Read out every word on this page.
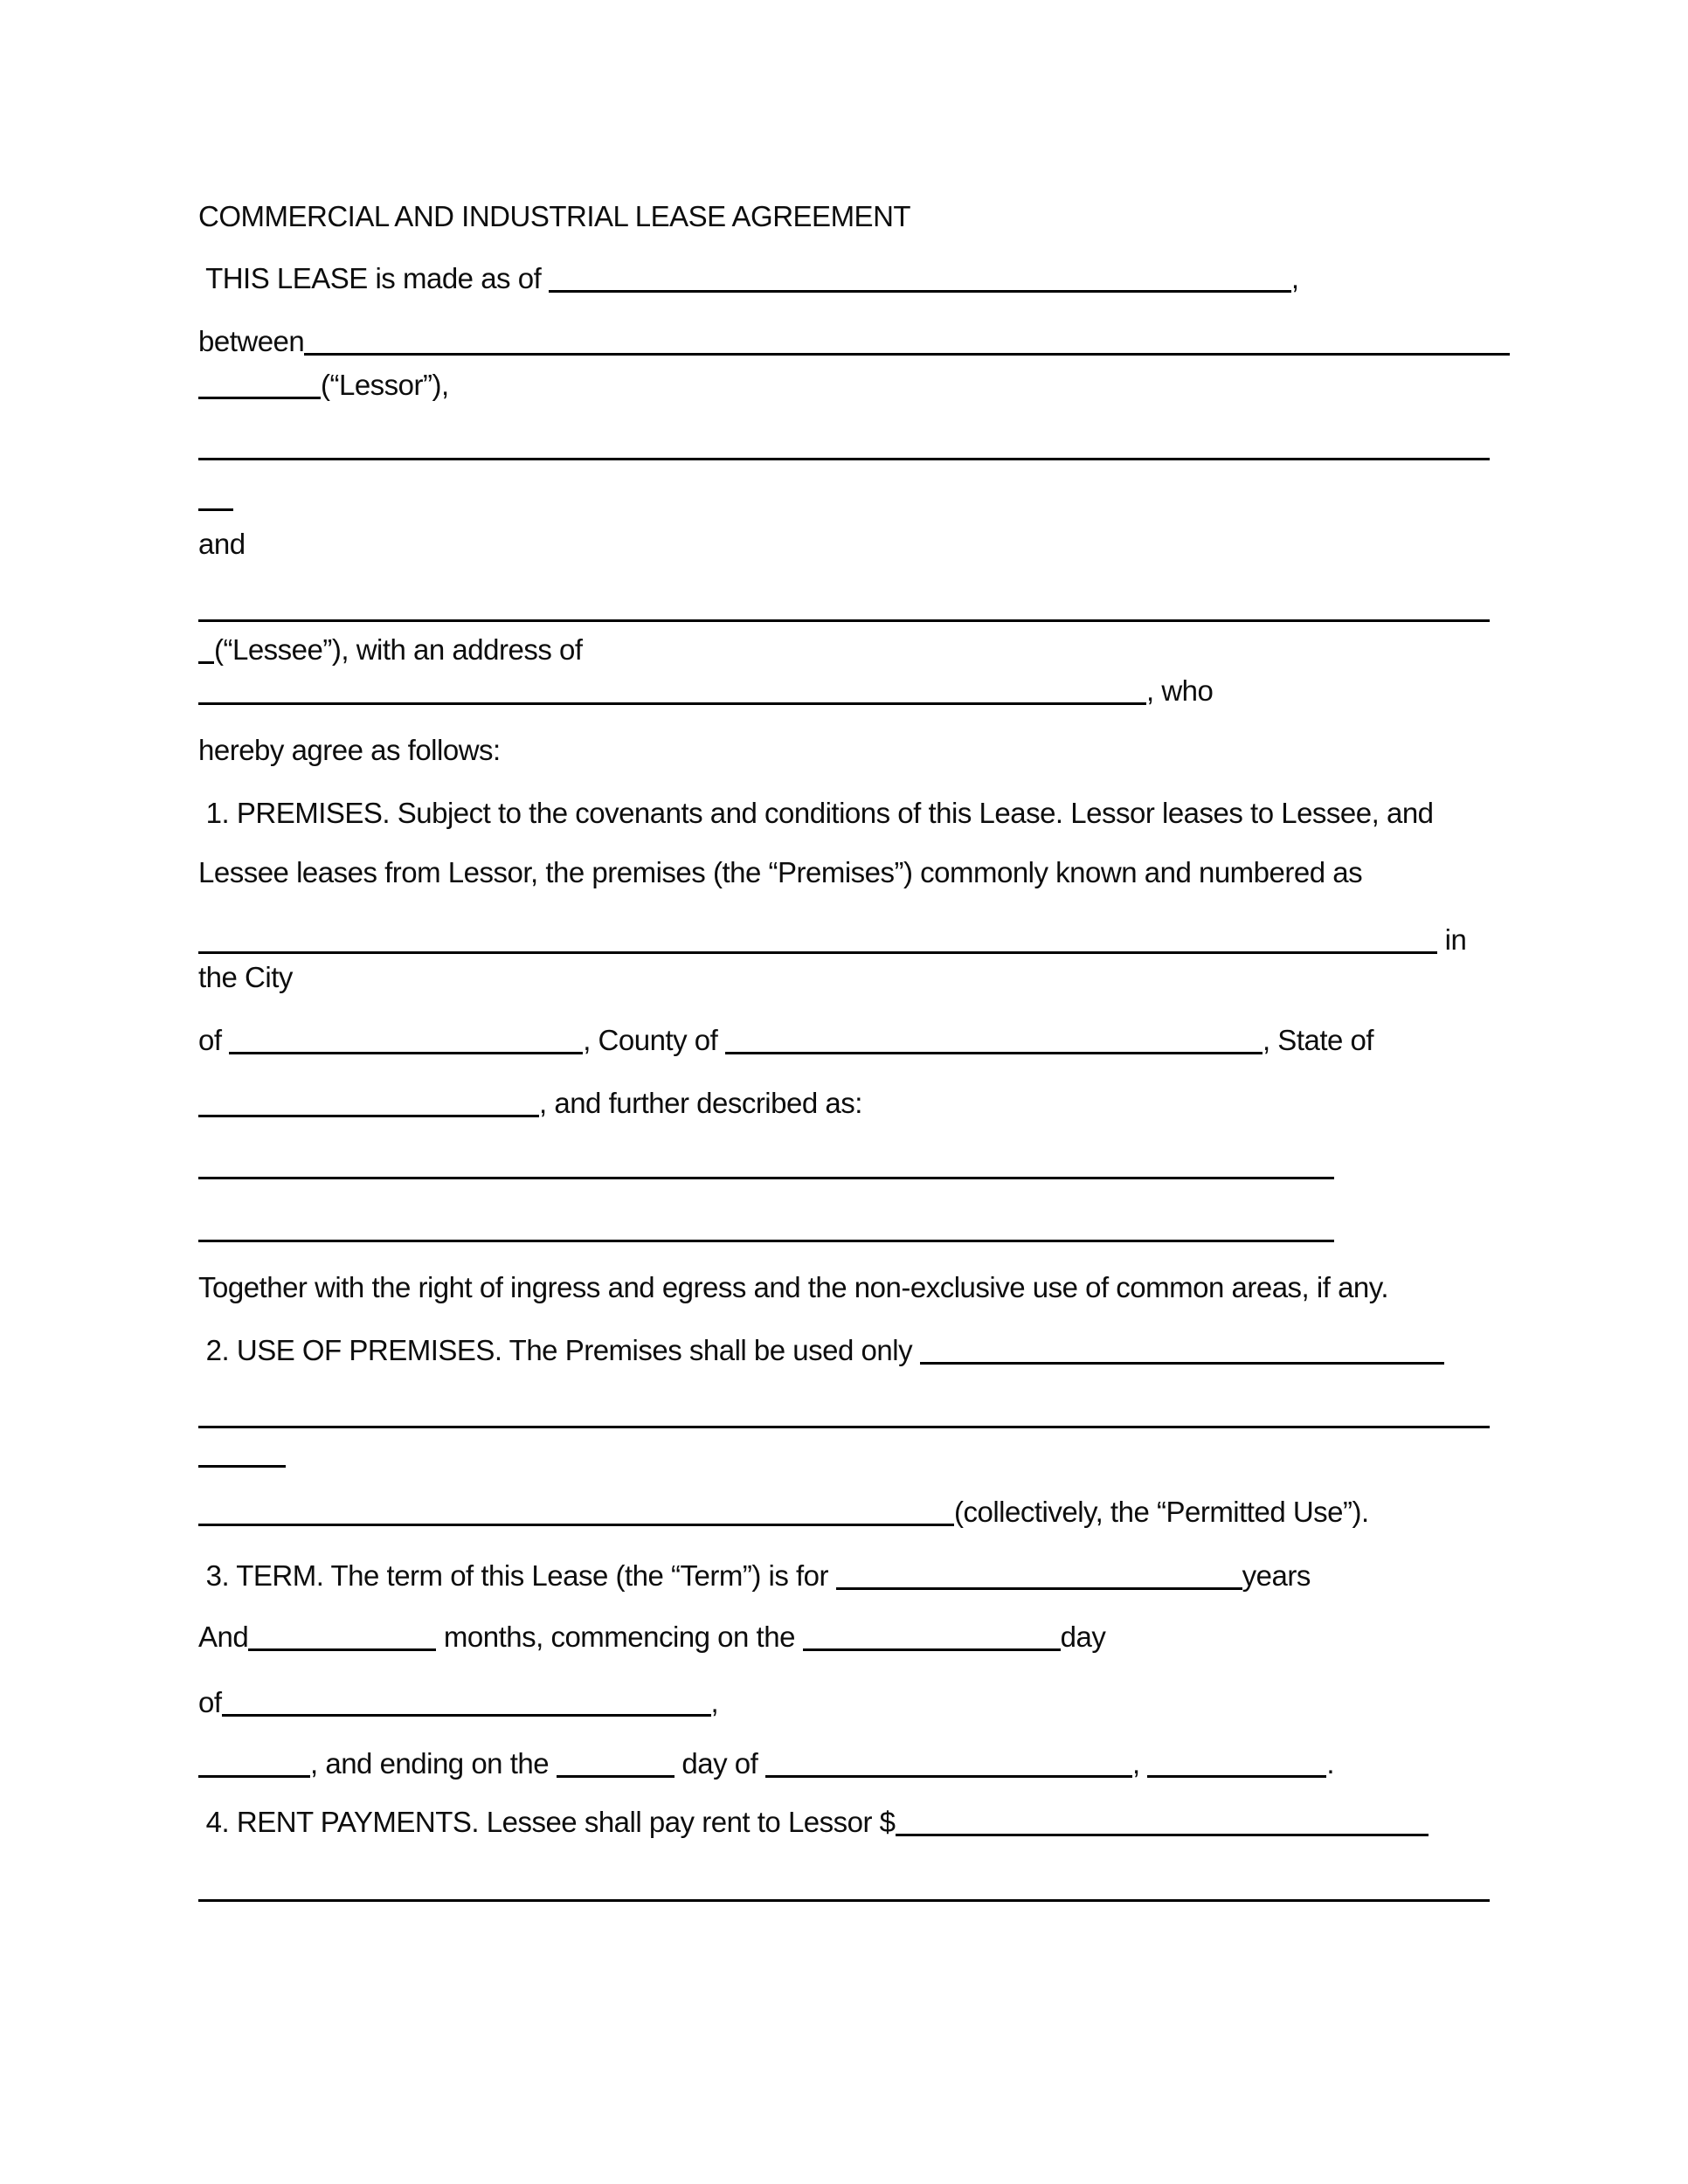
COMMERCIAL AND INDUSTRIAL LEASE AGREEMENT
THIS LEASE is made as of	,
between
(“Lessor”),
and
(“Lessee”), with an address of
, who
hereby agree as follows:
1. PREMISES. Subject to the covenants and conditions of this Lease. Lessor leases to Lessee, and
Lessee leases from Lessor, the premises (the “Premises”) commonly known and numbered as
in
the City
of	, County of	, State of
, and further described as:
Together with the right of ingress and egress and the non-exclusive use of common areas, if any.
2. USE OF PREMISES. The Premises shall be used only
(collectively, the “Permitted Use”).
3. TERM. The term of this Lease (the “Term”) is for	years
And	months, commencing on the	day
of	,
, and ending on the	day of	,	.
4. RENT PAYMENTS. Lessee shall pay rent to Lessor $
